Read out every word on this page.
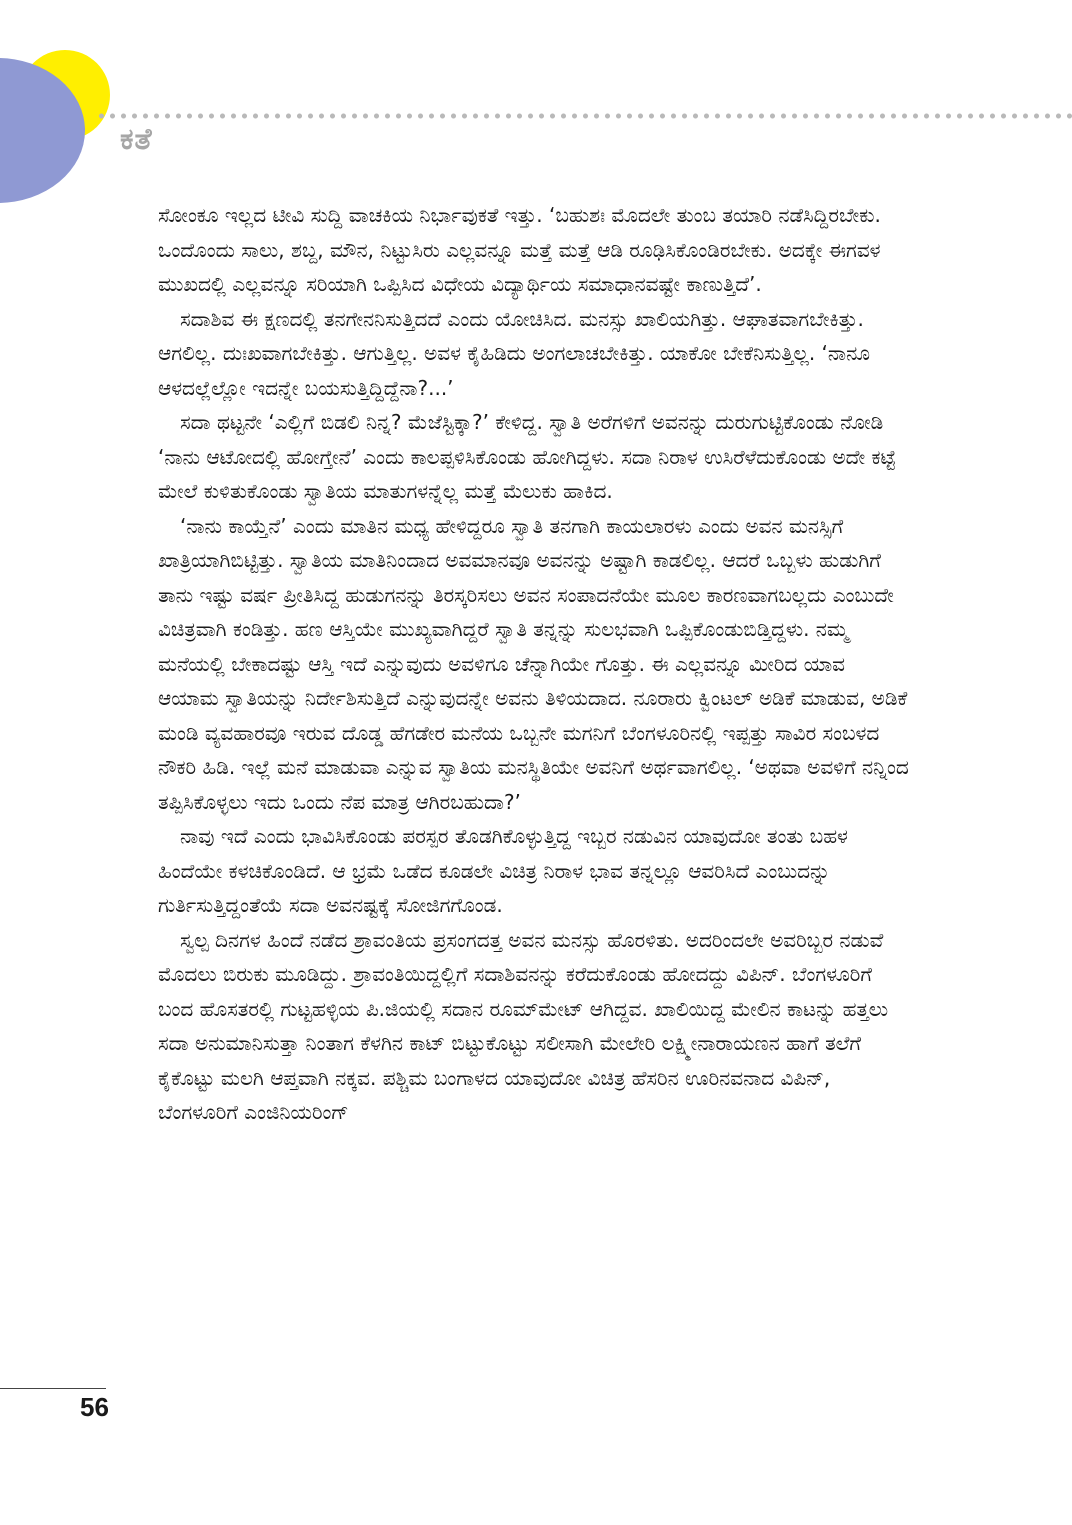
ಕತೆ

ಸೋಂಕೂ ಇಲ್ಲದ ಟೀವಿ ಸುದ್ದಿ ವಾಚಕಿಯ ನಿರ್ಭಾವುಕತೆ ಇತ್ತು. ‘ಬಹುಶಃ ಮೊದಲೇ ತುಂಬ ತಯಾರಿ ನಡೆಸಿದ್ದಿರಬೇಕು. ಒಂದೊಂದು ಸಾಲು, ಶಬ್ದ, ಮೌನ, ನಿಟ್ಟುಸಿರು ಎಲ್ಲವನ್ನೂ ಮತ್ತೆ ಮತ್ತೆ ಆಡಿ ರೂಢಿಸಿಕೊಂಡಿರಬೇಕು. ಅದಕ್ಕೇ ಈಗವಳ ಮುಖದಲ್ಲಿ ಎಲ್ಲವನ್ನೂ ಸರಿಯಾಗಿ ಒಪ್ಪಿಸಿದ ವಿಧೇಯ ವಿದ್ಯಾರ್ಥಿಯ ಸಮಾಧಾನವಷ್ಟೇ ಕಾಣುತ್ತಿದೆ’.

ಸದಾಶಿವ ಈ ಕ್ಷಣದಲ್ಲಿ ತನಗೇನನಿಸುತ್ತಿದದೆ ಎಂದು ಯೋಚಿಸಿದ. ಮನಸ್ಸು ಖಾಲಿಯಗಿತ್ತು. ಆಘಾತವಾಗಬೇಕಿತ್ತು. ಆಗಲಿಲ್ಲ. ದುಃಖವಾಗಬೇಕಿತ್ತು. ಆಗುತ್ತಿಲ್ಲ. ಅವಳ ಕೈಹಿಡಿದು ಅಂಗಲಾಚಬೇಕಿತ್ತು. ಯಾಕೋ ಬೇಕೆನಿಸುತ್ತಿಲ್ಲ. ‘ನಾನೂ ಆಳದಲ್ಲೆಲ್ಲೋ ಇದನ್ನೇ ಬಯಸುತ್ತಿದ್ದಿದ್ದೆನಾ?...’

ಸದಾ ಥಟ್ಟನೇ ‘ಎಲ್ಲಿಗೆ ಬಿಡಲಿ ನಿನ್ನ? ಮೆಜೆಸ್ಟಿಕ್ಕಾ?’ ಕೇಳಿದ್ದ. ಸ್ವಾತಿ ಅರೆಗಳಿಗೆ ಅವನನ್ನು ದುರುಗುಟ್ಟಿಕೊಂಡು ನೋಡಿ ‘ನಾನು ಆಟೋದಲ್ಲಿ ಹೋಗ್ತೇನೆ’ ಎಂದು ಕಾಲಪ್ಪಳಿಸಿಕೊಂಡು ಹೋಗಿದ್ದಳು. ಸದಾ ನಿರಾಳ ಉಸಿರೆಳೆದುಕೊಂಡು ಅದೇ ಕಟ್ಟೆ ಮೇಲೆ ಕುಳಿತುಕೊಂಡು ಸ್ವಾತಿಯ ಮಾತುಗಳನ್ನೆಲ್ಲ ಮತ್ತೆ ಮೆಲುಕು ಹಾಕಿದ.

‘ನಾನು ಕಾಯ್ತೆನೆ’ ಎಂದು ಮಾತಿನ ಮಧ್ಯ ಹೇಳಿದ್ದರೂ ಸ್ವಾತಿ ತನಗಾಗಿ ಕಾಯಲಾರಳು ಎಂದು ಅವನ ಮನಸ್ಸಿಗೆ ಖಾತ್ರಿಯಾಗಿಬಿಟ್ಟಿತ್ತು. ಸ್ವಾತಿಯ ಮಾತಿನಿಂದಾದ ಅವಮಾನವೂ ಅವನನ್ನು ಅಷ್ಟಾಗಿ ಕಾಡಲಿಲ್ಲ. ಆದರೆ ಒಬ್ಬಳು ಹುಡುಗಿಗೆ ತಾನು ಇಷ್ಟು ವರ್ಷ ಪ್ರೀತಿಸಿದ್ದ ಹುಡುಗನನ್ನು ತಿರಸ್ಕರಿಸಲು ಅವನ ಸಂಪಾದನೆಯೇ ಮೂಲ ಕಾರಣವಾಗಬಲ್ಲದು ಎಂಬುದೇ ವಿಚಿತ್ರವಾಗಿ ಕಂಡಿತ್ತು. ಹಣ ಆಸ್ತಿಯೇ ಮುಖ್ಯವಾಗಿದ್ದರೆ ಸ್ವಾತಿ ತನ್ನನ್ನು ಸುಲಭವಾಗಿ ಒಪ್ಪಿಕೊಂಡುಬಿಡ್ತಿದ್ದಳು. ನಮ್ಮ ಮನೆಯಲ್ಲಿ ಬೇಕಾದಷ್ಟು ಆಸ್ತಿ ಇದೆ ಎನ್ನುವುದು ಅವಳಿಗೂ ಚೆನ್ನಾಗಿಯೇ ಗೊತ್ತು. ಈ ಎಲ್ಲವನ್ನೂ ಮೀರಿದ ಯಾವ ಆಯಾಮ ಸ್ವಾತಿಯನ್ನು ನಿರ್ದೇಶಿಸುತ್ತಿದೆ ಎನ್ನುವುದನ್ನೇ ಅವನು ತಿಳಿಯದಾದ. ನೂರಾರು ಕ್ವಿಂಟಲ್ ಅಡಿಕೆ ಮಾಡುವ, ಅಡಿಕೆ ಮಂಡಿ ವ್ಯವಹಾರವೂ ಇರುವ ದೊಡ್ಡ ಹೆಗಡೇರ ಮನೆಯ ಒಬ್ಬನೇ ಮಗನಿಗೆ ಬೆಂಗಳೂರಿನಲ್ಲಿ ಇಪ್ಪತ್ತು ಸಾವಿರ ಸಂಬಳದ ನೌಕರಿ ಹಿಡಿ. ಇಲ್ಲೆ ಮನೆ ಮಾಡುವಾ ಎನ್ನುವ ಸ್ವಾತಿಯ ಮನಸ್ಥಿತಿಯೇ ಅವನಿಗೆ ಅರ್ಥವಾಗಲಿಲ್ಲ. ‘ಅಥವಾ ಅವಳಿಗೆ ನನ್ನಿಂದ ತಪ್ಪಿಸಿಕೊಳ್ಳಲು ಇದು ಒಂದು ನೆಪ ಮಾತ್ರ ಆಗಿರಬಹುದಾ?’

ನಾವು ಇದೆ ಎಂದು ಭಾವಿಸಿಕೊಂಡು ಪರಸ್ಪರ ತೊಡಗಿಕೊಳ್ಳುತ್ತಿದ್ದ ಇಬ್ಬರ ನಡುವಿನ ಯಾವುದೋ ತಂತು ಬಹಳ ಹಿಂದೆಯೇ ಕಳಚಿಕೊಂಡಿದೆ. ಆ ಭ್ರಮೆ ಒಡೆದ ಕೂಡಲೇ ವಿಚಿತ್ರ ನಿರಾಳ ಭಾವ ತನ್ನಲ್ಲೂ ಆವರಿಸಿದೆ ಎಂಬುದನ್ನು ಗುರ್ತಿಸುತ್ತಿದ್ದಂತೆಯೆ ಸದಾ ಅವನಷ್ಟಕ್ಕೆ ಸೋಜಿಗಗೊಂಡ.

ಸ್ವಲ್ಪ ದಿನಗಳ ಹಿಂದೆ ನಡೆದ ಶ್ರಾವಂತಿಯ ಪ್ರಸಂಗದತ್ತ ಅವನ ಮನಸ್ಸು ಹೊರಳಿತು. ಅದರಿಂದಲೇ ಅವರಿಬ್ಬರ ನಡುವೆ ಮೊದಲು ಬಿರುಕು ಮೂಡಿದ್ದು. ಶ್ರಾವಂತಿಯಿದ್ದಲ್ಲಿಗೆ ಸದಾಶಿವನನ್ನು ಕರೆದುಕೊಂಡು ಹೋದದ್ದು ವಿಪಿನ್. ಬೆಂಗಳೂರಿಗೆ ಬಂದ ಹೊಸತರಲ್ಲಿ ಗುಟ್ಟಹಳ್ಳಿಯ ಪಿ.ಜಿಯಲ್ಲಿ ಸದಾನ ರೂಮ್‌ಮೇಟ್ ಆಗಿದ್ದವ. ಖಾಲಿಯಿದ್ದ ಮೇಲಿನ ಕಾಟನ್ನು ಹತ್ತಲು ಸದಾ ಅನುಮಾನಿಸುತ್ತಾ ನಿಂತಾಗ ಕೆಳಗಿನ ಕಾಟ್ ಬಿಟ್ಟುಕೊಟ್ಟು ಸಲೀಸಾಗಿ ಮೇಲೇರಿ ಲಕ್ಷ್ಮೀನಾರಾಯಣನ ಹಾಗೆ ತಲೆಗೆ ಕೈಕೊಟ್ಟು ಮಲಗಿ ಆಪ್ತವಾಗಿ ನಕ್ಕವ. ಪಶ್ಚಿಮ ಬಂಗಾಳದ ಯಾವುದೋ ವಿಚಿತ್ರ ಹೆಸರಿನ ಊರಿನವನಾದ ವಿಪಿನ್, ಬೆಂಗಳೂರಿಗೆ ಎಂಜಿನಿಯರಿಂಗ್

56
